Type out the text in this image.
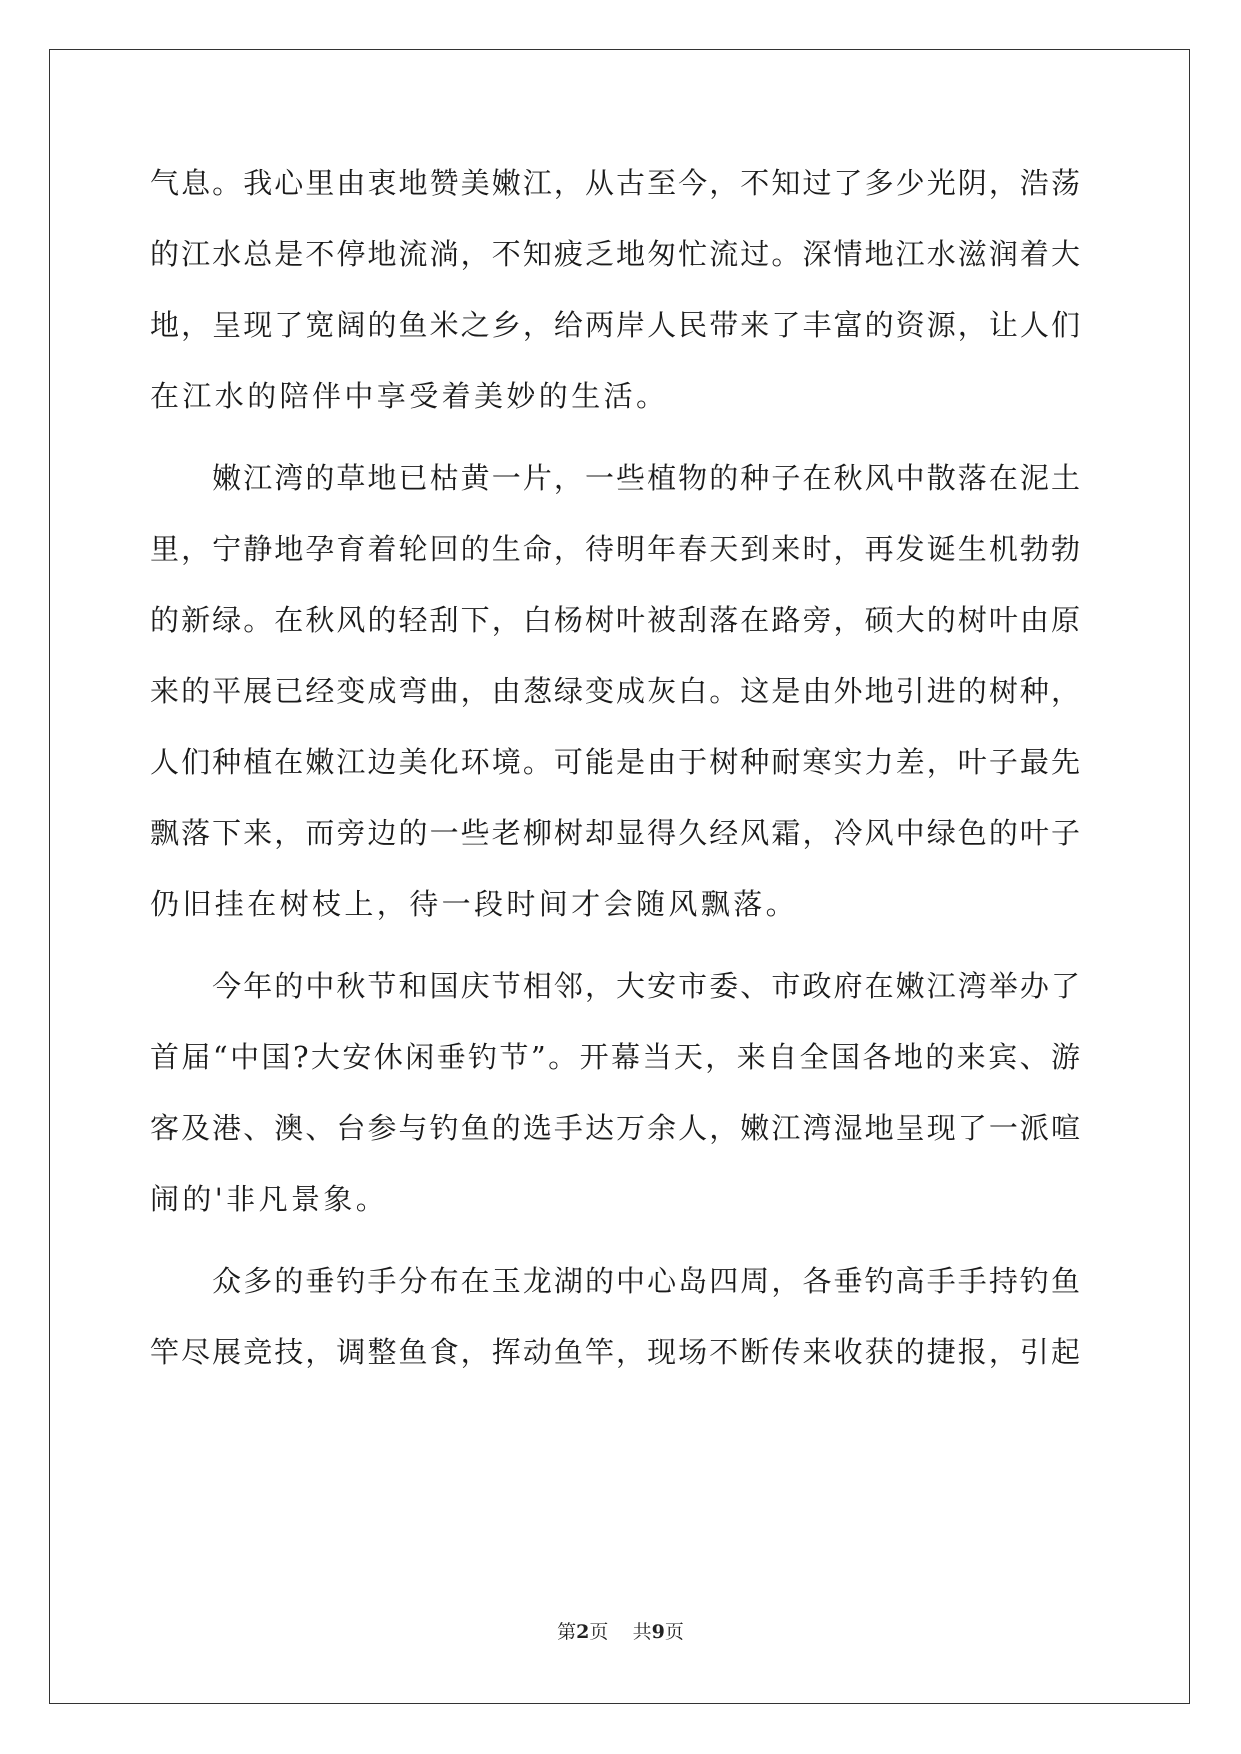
气息。我心里由衷地赞美嫩江，从古至今，不知过了多少光阴，浩荡
的江水总是不停地流淌，不知疲乏地匆忙流过。深情地江水滋润着大
地，呈现了宽阔的鱼米之乡，给两岸人民带来了丰富的资源，让人们
在江水的陪伴中享受着美妙的生活。
　　嫩江湾的草地已枯黄一片，一些植物的种子在秋风中散落在泥土
里，宁静地孕育着轮回的生命，待明年春天到来时，再发诞生机勃勃
的新绿。在秋风的轻刮下，白杨树叶被刮落在路旁，硕大的树叶由原
来的平展已经变成弯曲，由葱绿变成灰白。这是由外地引进的树种，
人们种植在嫩江边美化环境。可能是由于树种耐寒实力差，叶子最先
飘落下来，而旁边的一些老柳树却显得久经风霜，冷风中绿色的叶子
仍旧挂在树枝上，待一段时间才会随风飘落。
　　今年的中秋节和国庆节相邻，大安市委、市政府在嫩江湾举办了
首届“中国?大安休闲垂钓节”。开幕当天，来自全国各地的来宾、游
客及港、澳、台参与钓鱼的选手达万余人，嫩江湾湿地呈现了一派喧
闹的'非凡景象。
　　众多的垂钓手分布在玉龙湖的中心岛四周，各垂钓高手手持钓鱼
竿尽展竞技，调整鱼食，挥动鱼竿，现场不断传来收获的捷报，引起
第2页 共9页
